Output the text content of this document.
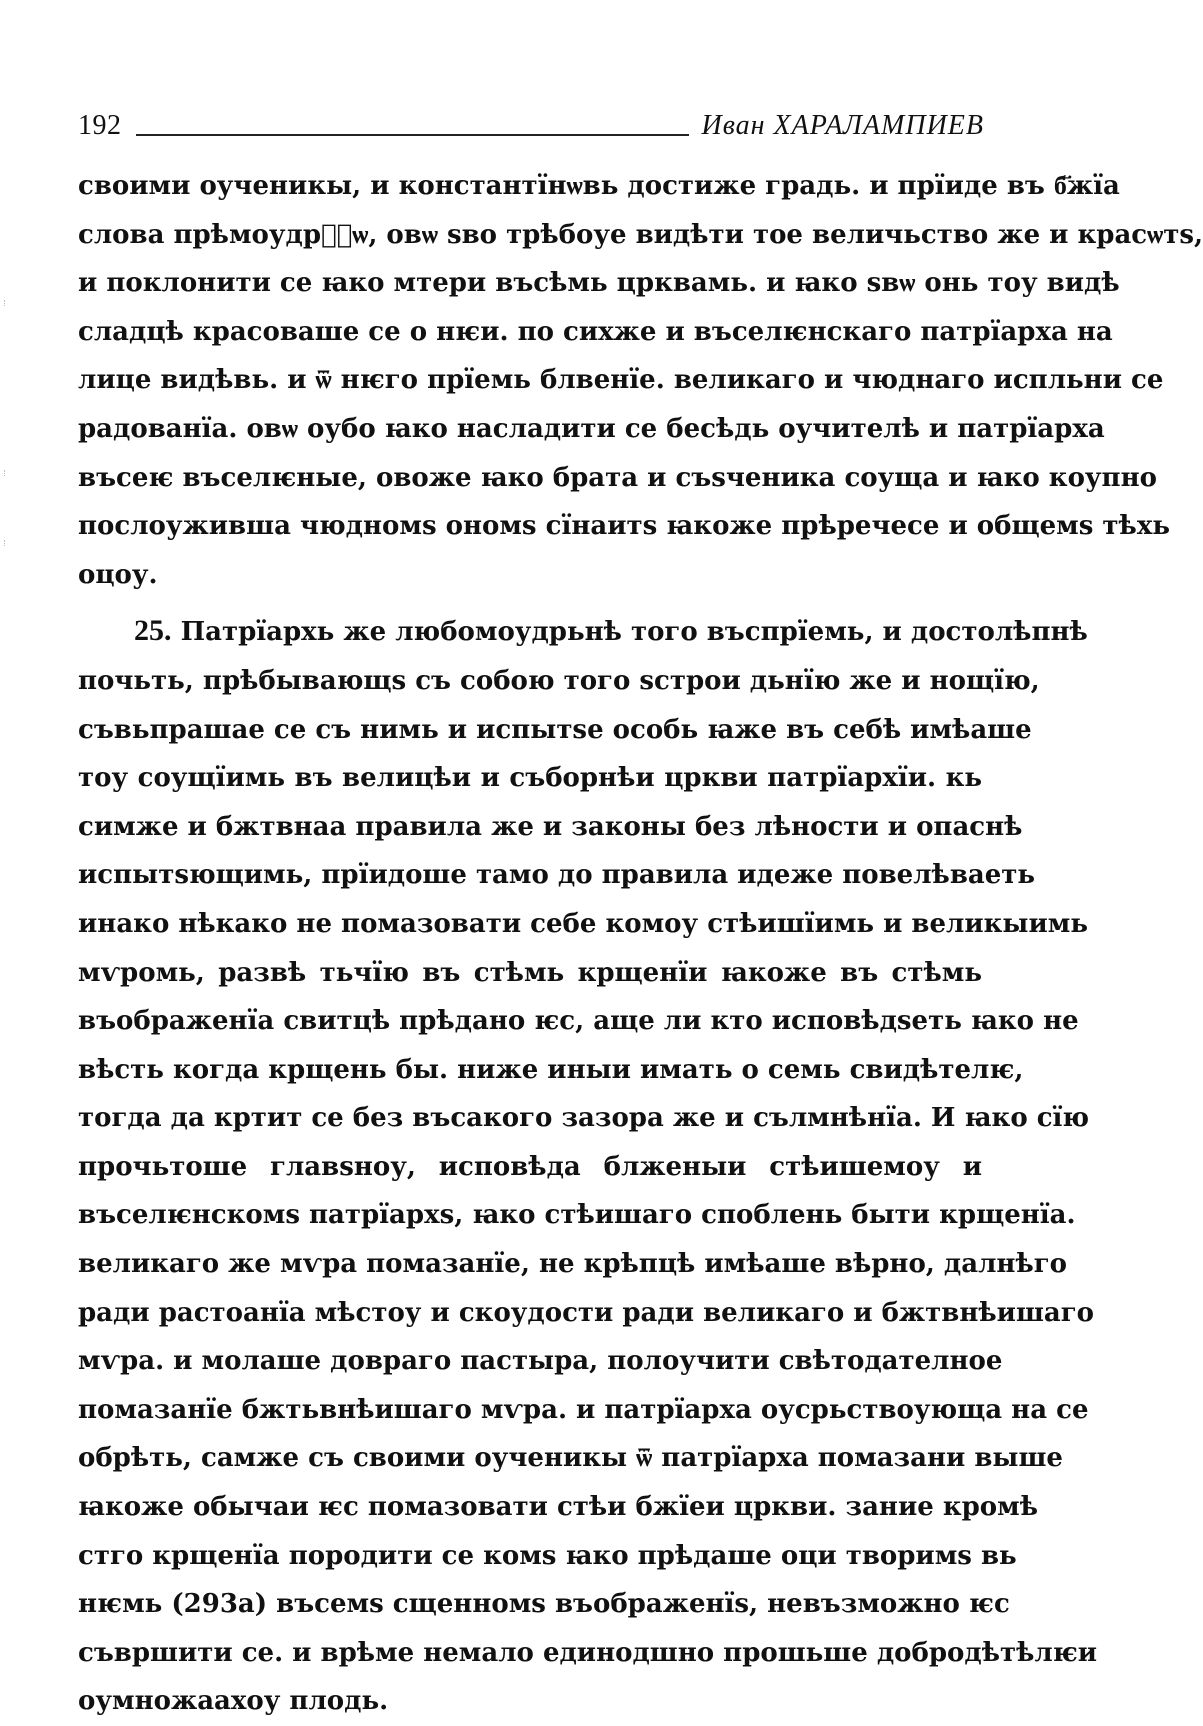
192	Иван ХАРАЛАМПИЕВ
своими оученикы, и константїнѡвь достиже градь. и прїиде въ б҃жїа
слова прѣмоудрⷭ҇ѡ, овѡ ѕво трѣбоуе видѣти тое величьство же и красѡтѕ,
и поклонити се ꙗко мтери въсѣмь црквамь. и ꙗко ѕвѡ онь тоу видѣ
сладцѣ красоваше се о нѥи. по сихже и въселѥнскаго патрїарха на
лице видѣвь. и ѿ нѥго прїемь блвенїе. великаго и чюднаго испльни се
радованїа. овѡ оубо ꙗко насладити се бесѣдь оучителѣ и патрїарха
въсеѥ въселѥные, овоже ꙗко брата и съѕченика соуща и ꙗко коупно
послоуживша чюдномѕ ономѕ сїнаитѕ ꙗкоже прѣречесе и общемѕ тѣхь
оцоу.
25. Патрїархь же любомоудрьнѣ того въспрїемь, и достолѣпнѣ
почьть, прѣбывающѕ съ собою того ѕстрои дьнїю же и нощїю,
съвьпрашае се съ нимь и испытѕе особь ꙗже въ себѣ имѣаше
тоу соущїимь въ велицѣи и съборнѣи цркви патрїархїи. кь
симже и бжтвнаа правила же и законы без лѣности и опаснѣ
испытѕющимь, прїидоше тамо до правила идеже повелѣваеть
инако нѣкако не помазовати себе комоу стѣишїимь и великыимь
мѵромь, развѣ тьчїю въ стѣмь крщенїи ꙗкоже въ стѣмь
въображенїа свитцѣ прѣдано ѥс, аще ли кто исповѣдѕеть ꙗко не
вѣсть когда крщень бы. ниже иныи имать о семь свидѣтелѥ,
тогда да кртит се без въсакого зазора же и сълмнѣнїа. И ꙗко сїю
прочьтоше главѕноу, исповѣда блженыи стѣишемоу и
въселѥнскомѕ патрїархѕ, ꙗко стѣишаго споблень быти крщенїа.
великаго же мѵра помазанїе, не крѣпцѣ имѣаше вѣрно, далнѣго
ради растоанїа мѣстоу и скоудости ради великаго и бжтвнѣишаго
мѵра. и молаше доврагo пастыра, полоучити свѣтодателное
помазанїе бжтьвнѣишаго мѵра. и патрїарха оусрьствоующа на се
обрѣть, самже съ своими оученикы ѿ патрїарха помазани выше
ꙗкоже обычаи ѥс помазовати стѣи бжїеи цркви. зание кромѣ
стго крщенїа породити се комѕ ꙗко прѣдаше оци творимѕ вь
нѥмь (293а) въсемѕ сщенномѕ въображенїѕ, невъзможно ѥс
съвршити се. и врѣме немало единодшно прошьше добродѣтѣлѥи
оумножаахоу плодь.
